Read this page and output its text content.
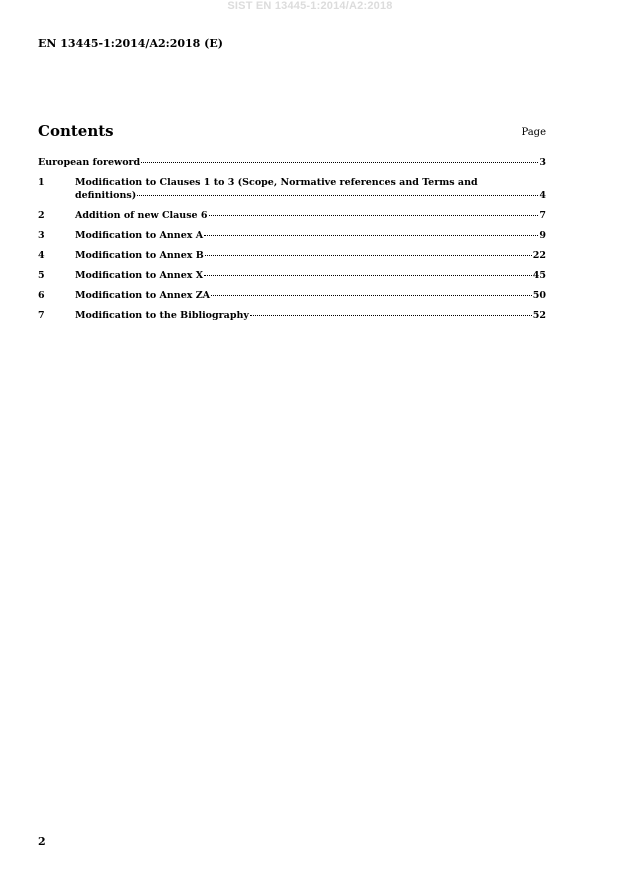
SIST EN 13445-1:2014/A2:2018
EN 13445-1:2014/A2:2018 (E)
Contents	Page
European foreword	3
1	Modification to Clauses 1 to 3 (Scope, Normative references and Terms and
definitions)	4
2	Addition of new Clause 6	7
3	Modification to Annex A	9
4	Modification to Annex B	22
5	Modification to Annex X	45
6	Modification to Annex ZA	50
7	Modification to the Bibliography	52
2
